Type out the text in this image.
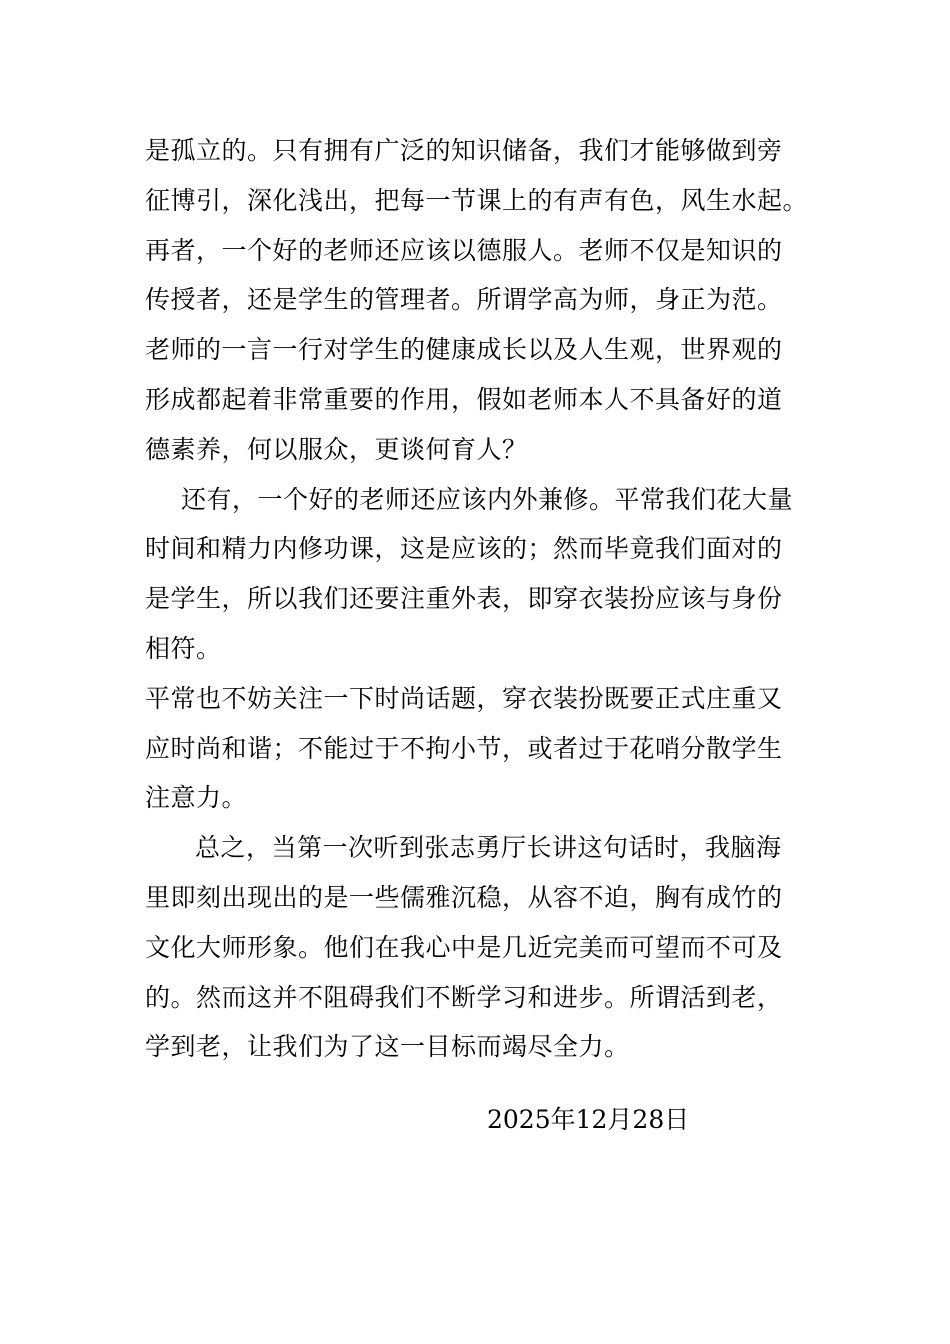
是孤立的。只有拥有广泛的知识储备，我们才能够做到旁
征博引，深化浅出，把每一节课上的有声有色，风生水起。
再者，一个好的老师还应该以德服人。老师不仅是知识的
传授者，还是学生的管理者。所谓学高为师，身正为范。
老师的一言一行对学生的健康成长以及人生观，世界观的
形成都起着非常重要的作用，假如老师本人不具备好的道
德素养，何以服众，更谈何育人？
还有，一个好的老师还应该内外兼修。平常我们花大量
时间和精力内修功课，这是应该的；然而毕竟我们面对的
是学生，所以我们还要注重外表，即穿衣装扮应该与身份
相符。
平常也不妨关注一下时尚话题，穿衣装扮既要正式庄重又
应时尚和谐；不能过于不拘小节，或者过于花哨分散学生
注意力。
总之，当第一次听到张志勇厅长讲这句话时，我脑海
里即刻出现出的是一些儒雅沉稳，从容不迫，胸有成竹的
文化大师形象。他们在我心中是几近完美而可望而不可及
的。然而这并不阻碍我们不断学习和进步。所谓活到老，
学到老，让我们为了这一目标而竭尽全力。
2025年12月28日
